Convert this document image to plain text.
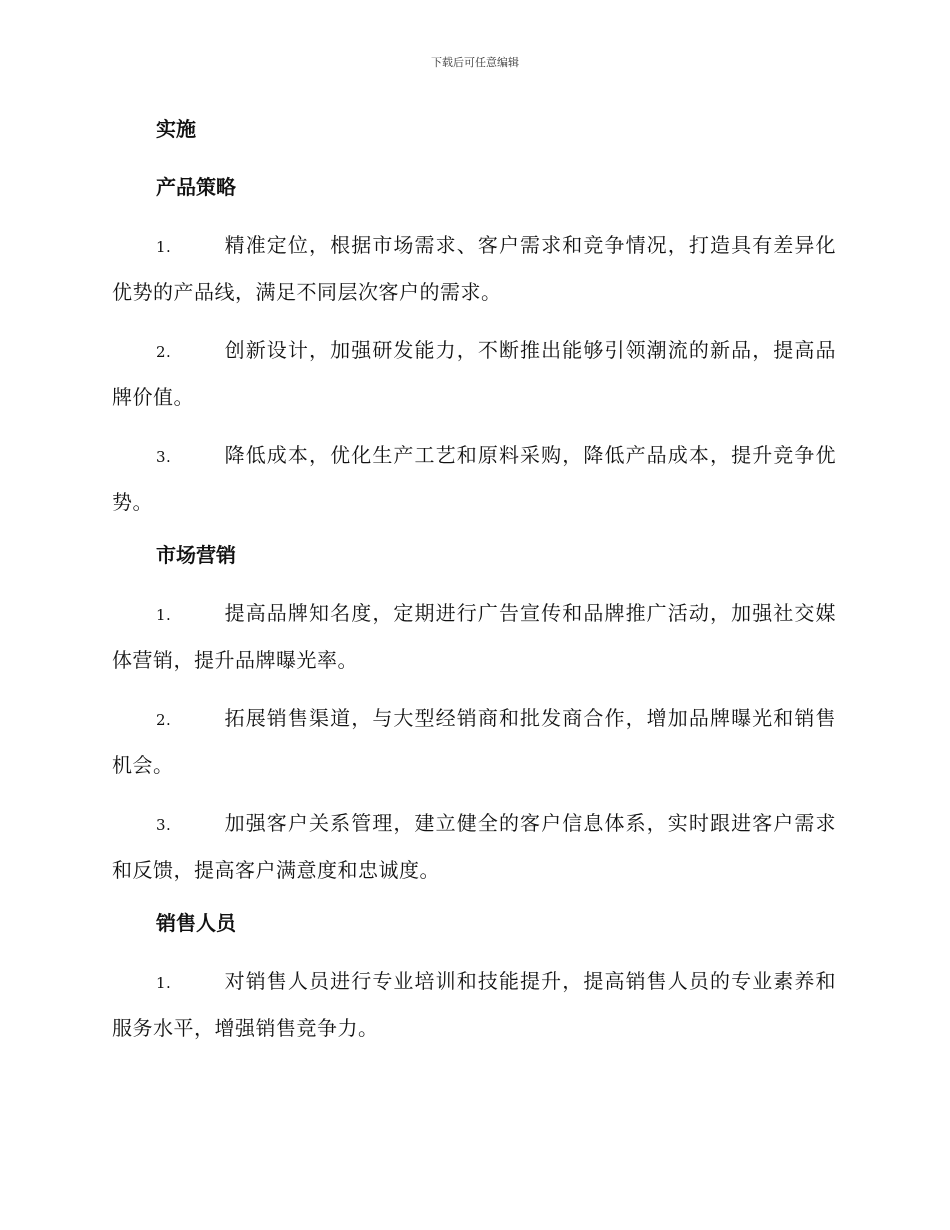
下载后可任意编辑
实施
产品策略
1.	精准定位，根据市场需求、客户需求和竞争情况，打造具有差异化优势的产品线，满足不同层次客户的需求。
2.	创新设计，加强研发能力，不断推出能够引领潮流的新品，提高品牌价值。
3.	降低成本，优化生产工艺和原料采购，降低产品成本，提升竞争优势。
市场营销
1.	提高品牌知名度，定期进行广告宣传和品牌推广活动，加强社交媒体营销，提升品牌曝光率。
2.	拓展销售渠道，与大型经销商和批发商合作，增加品牌曝光和销售机会。
3.	加强客户关系管理，建立健全的客户信息体系，实时跟进客户需求和反馈，提高客户满意度和忠诚度。
销售人员
1.	对销售人员进行专业培训和技能提升，提高销售人员的专业素养和服务水平，增强销售竞争力。
